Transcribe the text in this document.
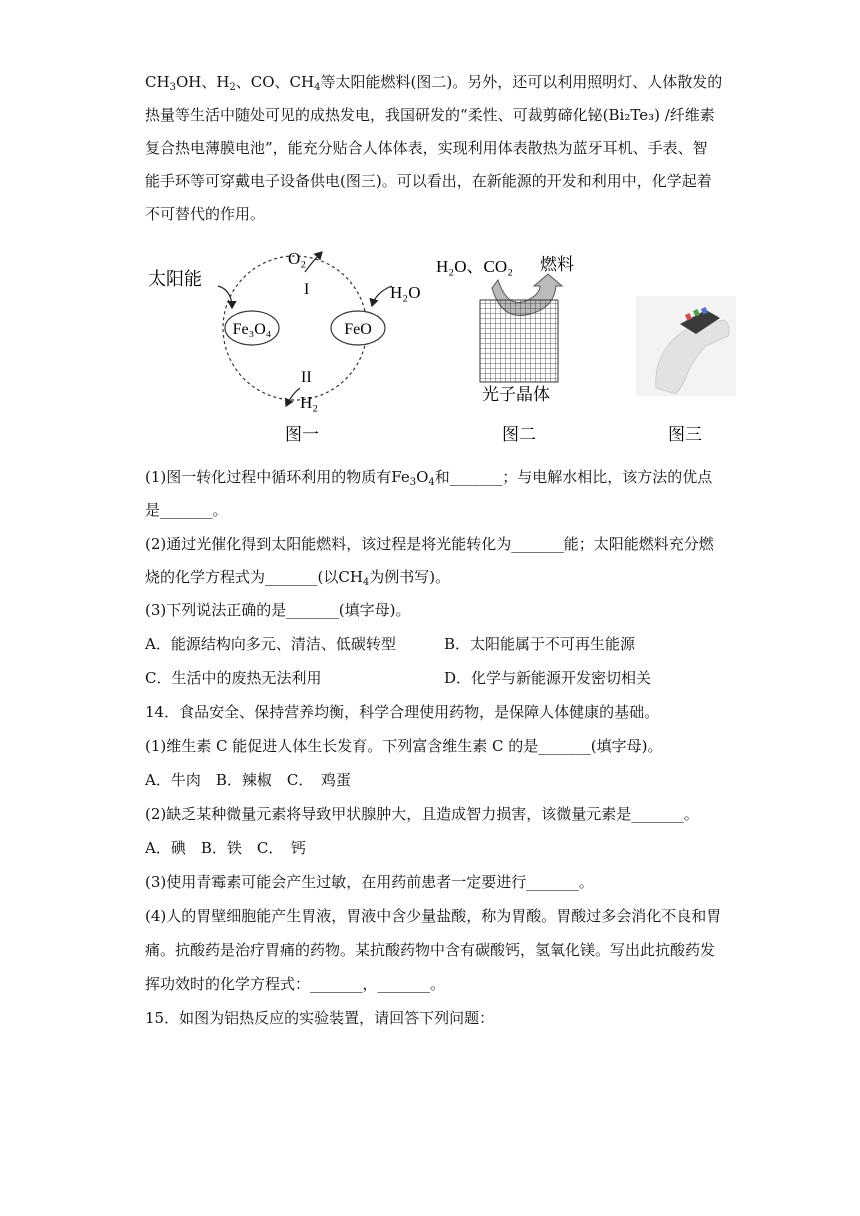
$CH_3OH$、$H_2$、CO、$CH_4$等太阳能燃料(图二)。另外，还可以利用照明灯、人体散发的
热量等生活中随处可见的成热发电，我国研发的“柔性、可裁剪碲化铋(Bi₂Te₃) /纤维素
复合热电薄膜电池”，能充分贴合人体体表，实现利用体表散热为蓝牙耳机、手表、智
能手环等可穿戴电子设备供电(图三)。可以看出，在新能源的开发和利用中，化学起着
不可替代的作用。
Fe₃O₄	FeO
太阳能
O₂
I	H₂O
II
H₂
图一
H₂O、CO₂ 燃料
光子晶体
图二	图三
(1)图一转化过程中循环利用的物质有$Fe_3O_4$和_______；与电解水相比，该方法的优点
是_______。
(2)通过光催化得到太阳能燃料，该过程是将光能转化为_______能；太阳能燃料充分燃
烧的化学方程式为_______(以$CH_4$为例书写)。
(3)下列说法正确的是_______(填字母)。
A．能源结构向多元、清洁、低碳转型	B．太阳能属于不可再生能源
C．生活中的废热无法利用	D．化学与新能源开发密切相关
14．食品安全、保持营养均衡，科学合理使用药物，是保障人体健康的基础。
(1)维生素 C 能促进人体生长发育。下列富含维生素 C 的是_______(填字母)。
A．牛肉　B．辣椒　C．　鸡蛋
(2)缺乏某种微量元素将导致甲状腺肿大，且造成智力损害，该微量元素是_______。
A．碘　B．铁　C．　钙
(3)使用青霉素可能会产生过敏，在用药前患者一定要进行_______。
(4)人的胃壁细胞能产生胃液，胃液中含少量盐酸，称为胃酸。胃酸过多会消化不良和胃
痛。抗酸药是治疗胃痛的药物。某抗酸药物中含有碳酸钙，氢氧化镁。写出此抗酸药发
挥功效时的化学方程式：_______，_______。
15．如图为铝热反应的实验装置，请回答下列问题：
